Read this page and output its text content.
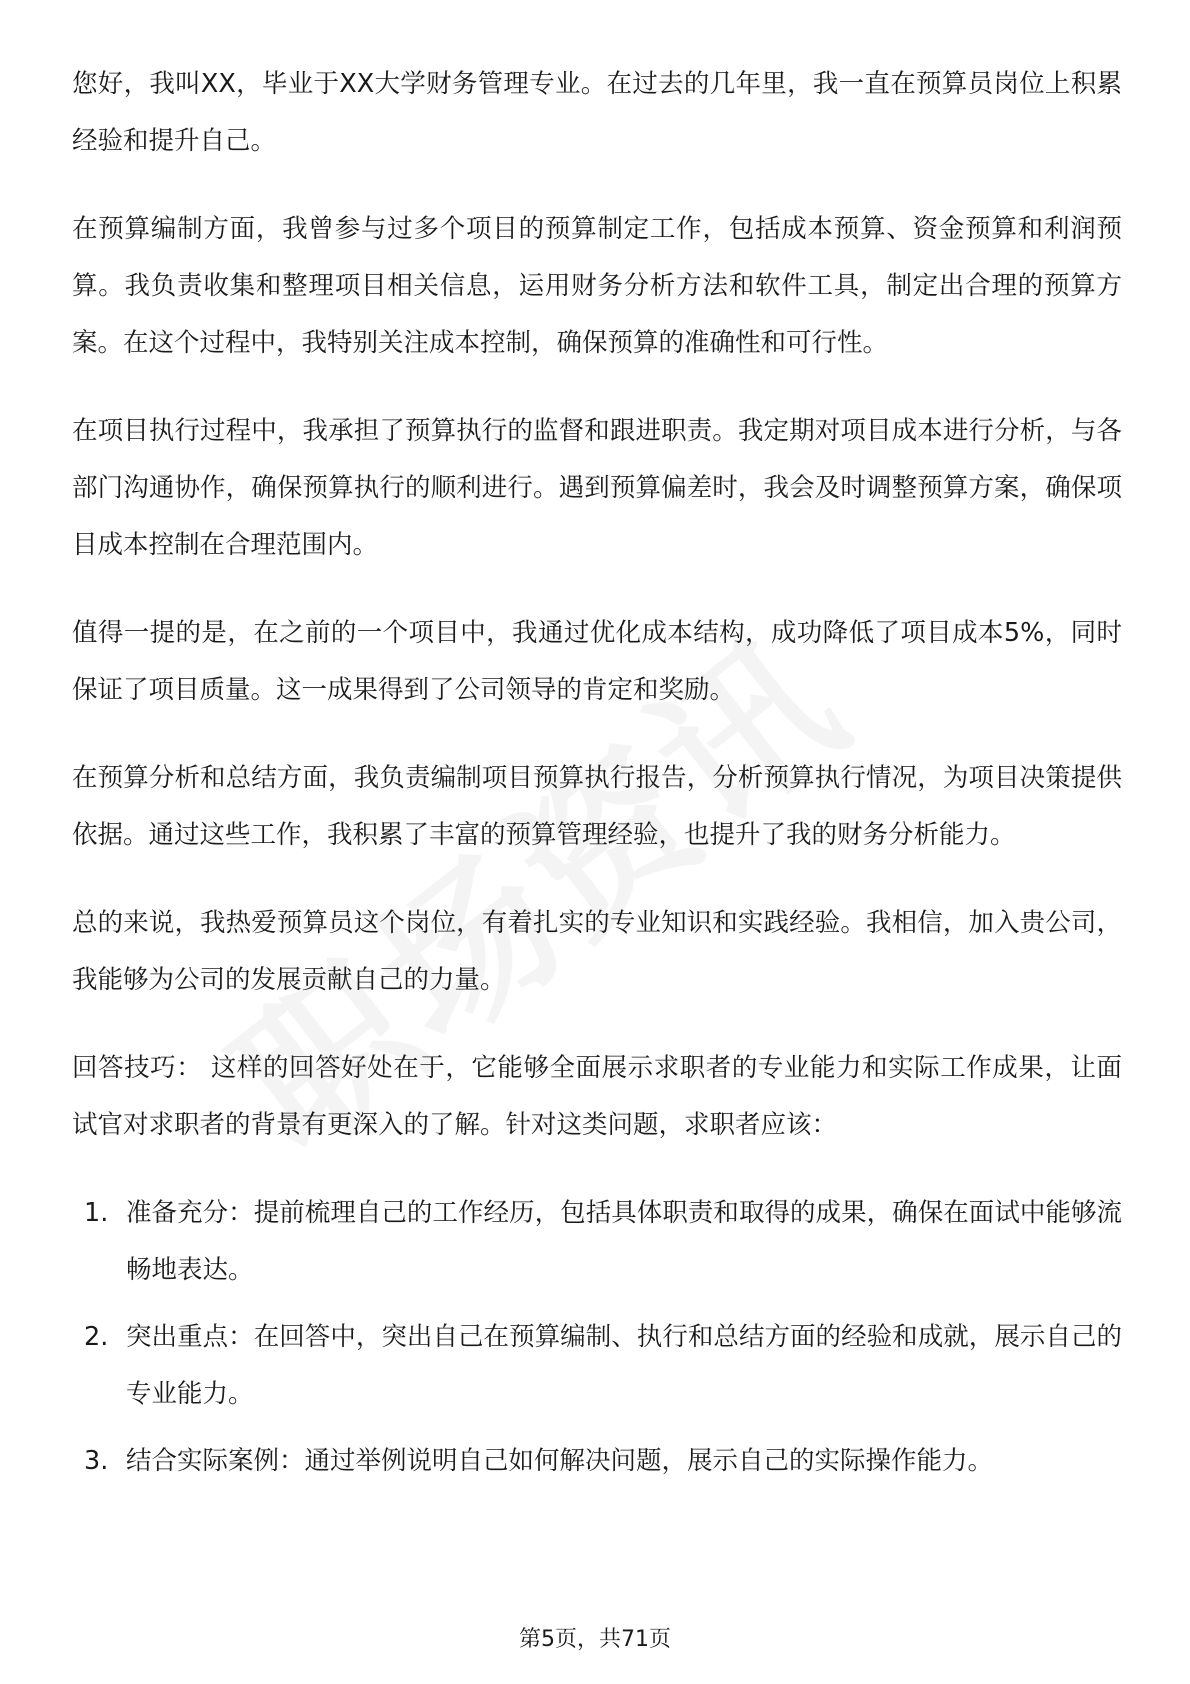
您好，我叫XX，毕业于XX大学财务管理专业。在过去的几年里，我一直在预算员岗位上积累经验和提升自己。

在预算编制方面，我曾参与过多个项目的预算制定工作，包括成本预算、资金预算和利润预算。我负责收集和整理项目相关信息，运用财务分析方法和软件工具，制定出合理的预算方案。在这个过程中，我特别关注成本控制，确保预算的准确性和可行性。

在项目执行过程中，我承担了预算执行的监督和跟进职责。我定期对项目成本进行分析，与各部门沟通协作，确保预算执行的顺利进行。遇到预算偏差时，我会及时调整预算方案，确保项目成本控制在合理范围内。

值得一提的是，在之前的一个项目中，我通过优化成本结构，成功降低了项目成本5%，同时保证了项目质量。这一成果得到了公司领导的肯定和奖励。

在预算分析和总结方面，我负责编制项目预算执行报告，分析预算执行情况，为项目决策提供依据。通过这些工作，我积累了丰富的预算管理经验，也提升了我的财务分析能力。

总的来说，我热爱预算员这个岗位，有着扎实的专业知识和实践经验。我相信，加入贵公司，我能够为公司的发展贡献自己的力量。

回答技巧： 这样的回答好处在于，它能够全面展示求职者的专业能力和实际工作成果，让面试官对求职者的背景有更深入的了解。针对这类问题，求职者应该：

1. 准备充分：提前梳理自己的工作经历，包括具体职责和取得的成果，确保在面试中能够流畅地表达。
2. 突出重点：在回答中，突出自己在预算编制、执行和总结方面的经验和成就，展示自己的专业能力。
3. 结合实际案例：通过举例说明自己如何解决问题，展示自己的实际操作能力。
第5页，共71页
